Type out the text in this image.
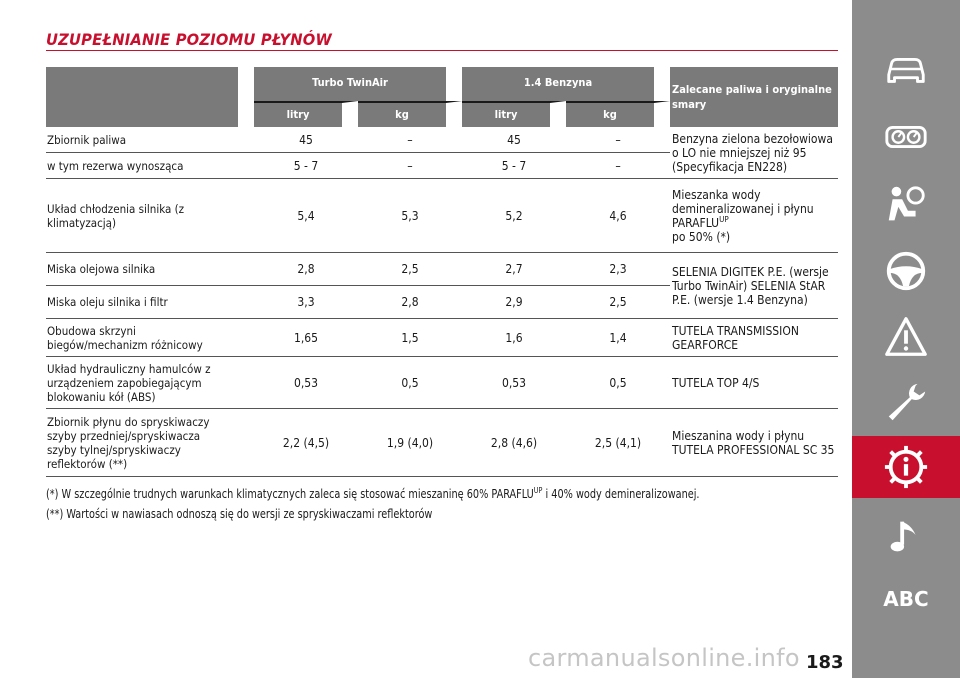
UZUPEŁNIANIE POZIOMU PŁYNÓW
	Turbo TwinAir		1.4 Benzyna		Zalecane paliwa i oryginalne smary
	litry	kg	litry	kg	
Zbiornik paliwa	45	–	45	–	Benzyna zielona bezołowiowa o LO nie mniejszej niż 95 (Specyfikacja EN228)
w tym rezerwa wynosząca	5 - 7	–	5 - 7	–	
Układ chłodzenia silnika (z klimatyzacją)	5,4	5,3	5,2	4,6	Mieszanka wody demineralizowanej i płynu $PARAFLU^{UP}$
po 50% (*)
Miska olejowa silnika	2,8	2,5	2,7	2,3	SELENIA DIGITEK P.E. (wersje Turbo TwinAir) SELENIA StAR P.E. (wersje 1.4 Benzyna)
Miska oleju silnika i filtr	3,3	2,8	2,9	2,5	
Obudowa skrzyni biegów/mechanizm różnicowy	1,65	1,5	1,6	1,4	TUTELA TRANSMISSION GEARFORCE
Układ hydrauliczny hamulców z urządzeniem zapobiegającym blokowaniu kół (ABS)	0,53	0,5	0,53	0,5	TUTELA TOP 4/S
Zbiornik płynu do spryskiwaczy szyby przedniej/spryskiwacza szyby tylnej/spryskiwaczy reflektorów (**)	2,2 (4,5)	1,9 (4,0)	2,8 (4,6)	2,5 (4,1)	Mieszanina wody i płynu TUTELA PROFESSIONAL SC 35
(*) W szczególnie trudnych warunkach klimatycznych zaleca się stosować mieszaninę 60% $PARAFLU^{UP}$ i 40% wody demineralizowanej.
(**) Wartości w nawiasach odnoszą się do wersji ze spryskiwaczami reflektorów
ABC
183
carmanualsonline.info
